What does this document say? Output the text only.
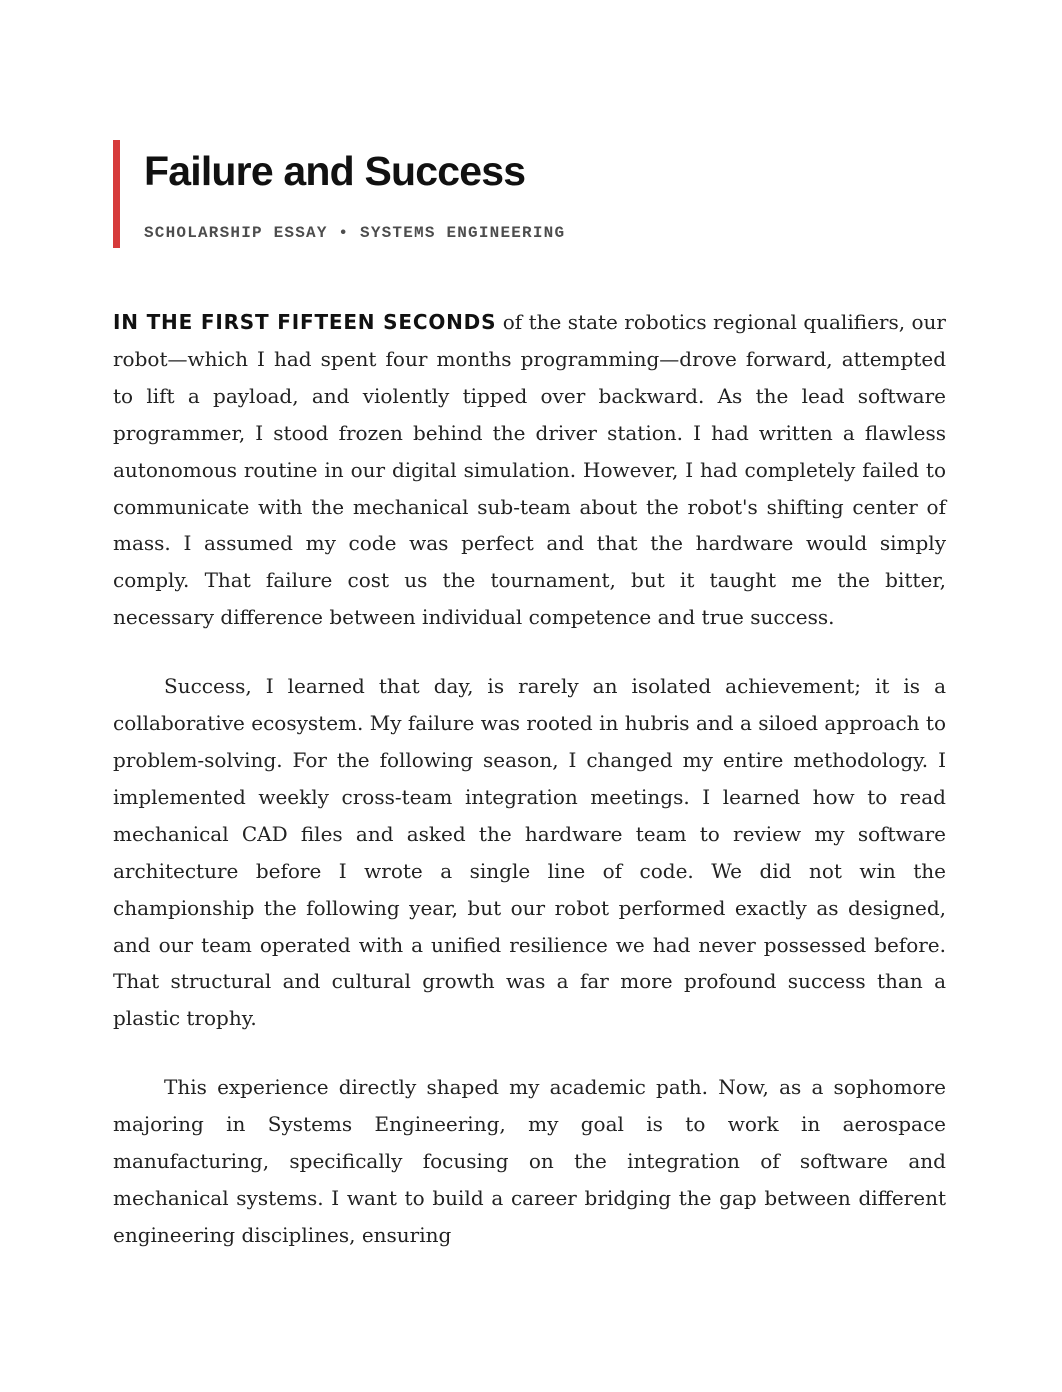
Failure and Success
SCHOLARSHIP ESSAY • SYSTEMS ENGINEERING

IN THE FIRST FIFTEEN SECONDS of the state robotics regional qualifiers, our robot—which I had spent four months programming—drove forward, attempted to lift a payload, and violently tipped over backward. As the lead software programmer, I stood frozen behind the driver station. I had written a flawless autonomous routine in our digital simulation. However, I had completely failed to communicate with the mechanical sub-team about the robot's shifting center of mass. I assumed my code was perfect and that the hardware would simply comply. That failure cost us the tournament, but it taught me the bitter, necessary difference between individual competence and true success.

Success, I learned that day, is rarely an isolated achievement; it is a collaborative ecosystem. My failure was rooted in hubris and a siloed approach to problem-solving. For the following season, I changed my entire methodology. I implemented weekly cross-team integration meetings. I learned how to read mechanical CAD files and asked the hardware team to review my software architecture before I wrote a single line of code. We did not win the championship the following year, but our robot performed exactly as designed, and our team operated with a unified resilience we had never possessed before. That structural and cultural growth was a far more profound success than a plastic trophy.

This experience directly shaped my academic path. Now, as a sophomore majoring in Systems Engineering, my goal is to work in aerospace manufacturing, specifically focusing on the integration of software and mechanical systems. I want to build a career bridging the gap between different engineering disciplines, ensuring
